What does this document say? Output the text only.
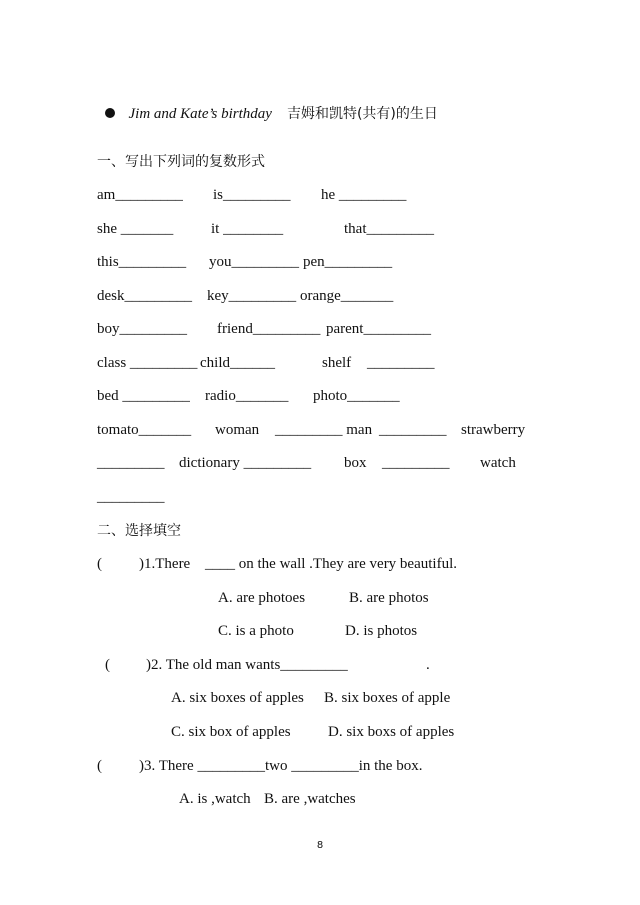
Jim and Kate’s birthday 吉姆和凯特(共有)的生日

一、写出下列词的复数形式
am_________ is_________ he _________
she _______	it ________	that_________
this_________ you_________ pen_________
desk_________ key_________ orange_______
boy_________ friend_________ parent_________
class _________ child______	shelf _________
bed _________ radio_______ photo_______
tomato_______ woman _________ man _________ strawberry
_________ dictionary _________ box _________ watch
_________
二、选择填空
( )1.There ____ on the wall .They are very beautiful.
A. are photoes	B. are photos
C. is a photo	D. is photos
( )2. The old man wants_________	.
A. six boxes of apples B. six boxes of apple
C. six box of apples D. six boxs of apples
( )3. There _________two _________in the box.
A. is ,watch B. are ,watches
8
